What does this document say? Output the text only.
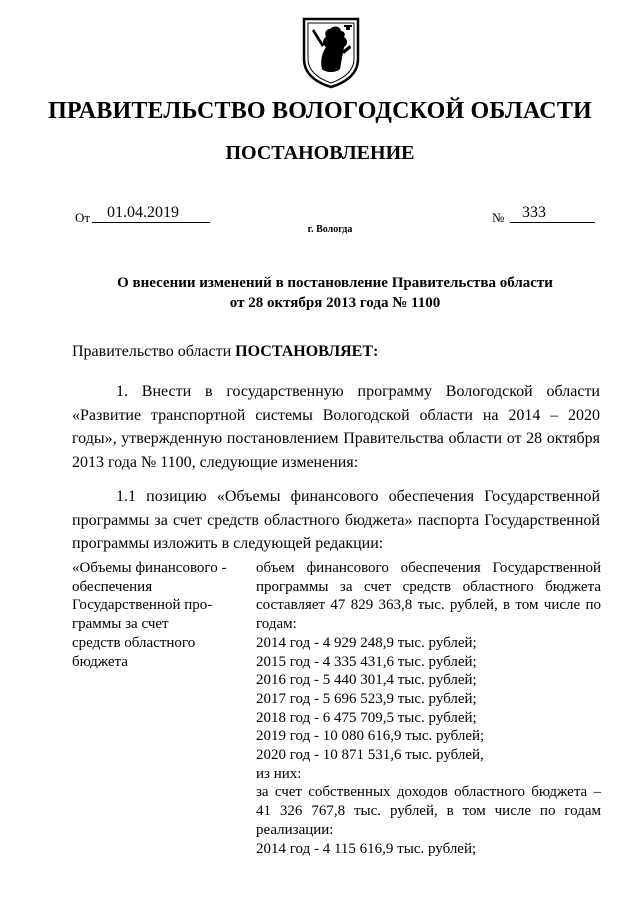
ПРАВИТЕЛЬСТВО ВОЛОГОДСКОЙ ОБЛАСТИ
ПОСТАНОВЛЕНИЕ
От	01.04.2019	№	333
г. Вологда
О внесении изменений в постановление Правительства области
от 28 октября 2013 года № 1100
Правительство области ПОСТАНОВЛЯЕТ:
1. Внести в государственную программу Вологодской области «Развитие транспортной системы Вологодской области на 2014 – 2020 годы», утвержденную постановлением Правительства области от 28 октября 2013 года № 1100, следующие изменения:
1.1 позицию «Объемы финансового обеспечения Государственной программы за счет средств областного бюджета» паспорта Государственной программы изложить в следующей редакции:
«Объемы финансового -
обеспечения
Государственной про-
граммы за счет
средств областного
бюджета
объем финансового обеспечения Государственной программы за счет средств областного бюджета составляет 47 829 363,8 тыс. рублей, в том числе по годам:
2014 год - 4 929 248,9 тыс. рублей;
2015 год - 4 335 431,6 тыс. рублей;
2016 год - 5 440 301,4 тыс. рублей;
2017 год - 5 696 523,9 тыс. рублей;
2018 год - 6 475 709,5 тыс. рублей;
2019 год - 10 080 616,9 тыс. рублей;
2020 год - 10 871 531,6 тыс. рублей,
из них:
за счет собственных доходов областного бюджета – 41 326 767,8 тыс. рублей, в том числе по годам реализации:
2014 год - 4 115 616,9 тыс. рублей;
